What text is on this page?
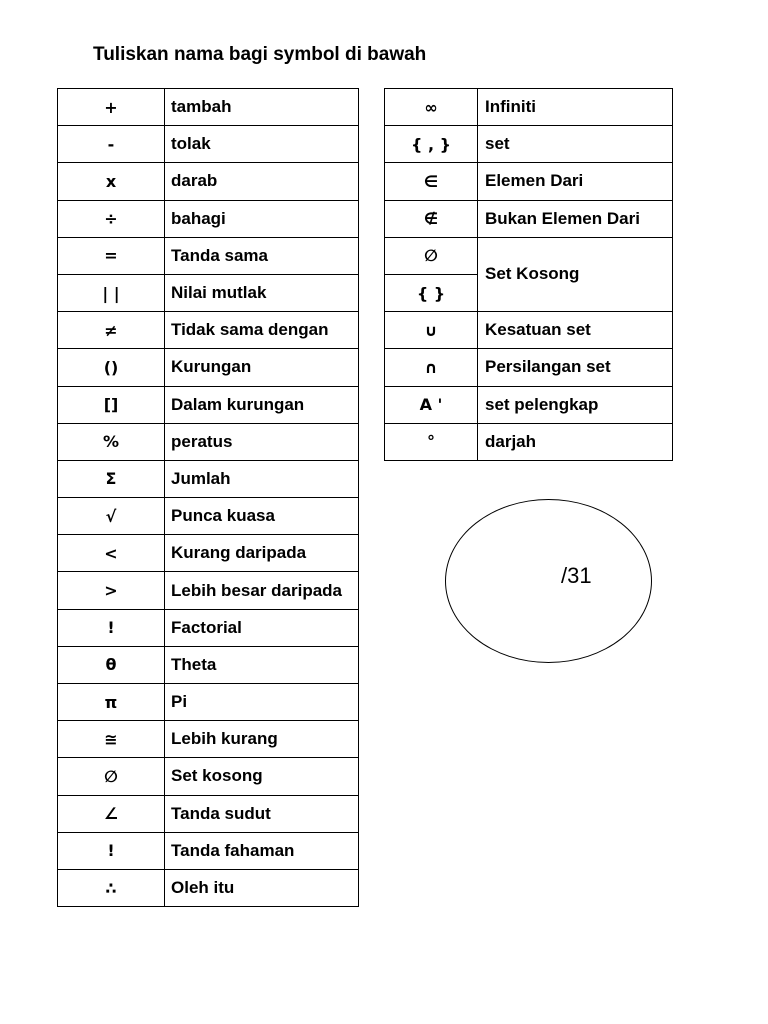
Tuliskan nama bagi symbol di bawah
+	tambah
-	tolak
x	darab
÷	bahagi
=	Tanda sama
| |	Nilai mutlak
≠	Tidak sama dengan
()	Kurungan
[]	Dalam kurungan
%	peratus
Σ	Jumlah
√	Punca kuasa
<	Kurang daripada
>	Lebih besar daripada
!	Factorial
θ	Theta
π	Pi
≅	Lebih kurang
∅	Set kosong
∠	Tanda sudut
!	Tanda fahaman
∴	Oleh itu
∞	Infiniti
{ , }	set
∈	Elemen Dari
∉	Bukan Elemen Dari
∅	Set Kosong
{ }	
∪	Kesatuan set
∩	Persilangan set
A '	set pelengkap
°	darjah
/31
